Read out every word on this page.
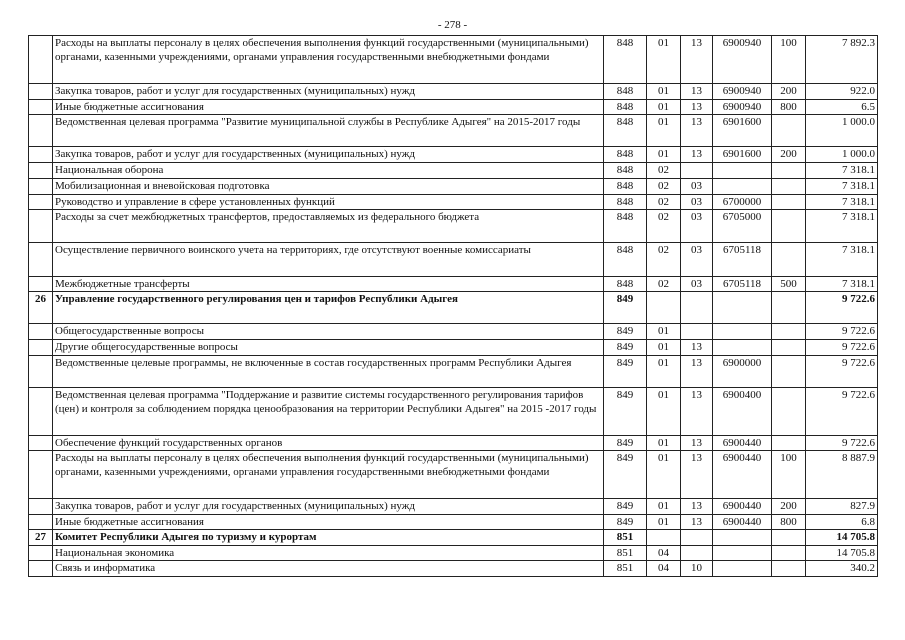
- 278 -
	Расходы на выплаты персоналу в целях обеспечения выполнения функций государственными (муниципальными) органами, казенными учреждениями, органами управления государственными внебюджетными фондами	848	01	13	6900940	100	7 892.3
	Закупка товаров, работ и услуг для государственных (муниципальных) нужд	848	01	13	6900940	200	922.0
	Иные бюджетные ассигнования	848	01	13	6900940	800	6.5
	Ведомственная целевая программа "Развитие муниципальной службы в Республике Адыгея" на 2015-2017 годы	848	01	13	6901600		1 000.0
	Закупка товаров, работ и услуг для государственных (муниципальных) нужд	848	01	13	6901600	200	1 000.0
	Национальная оборона	848	02				7 318.1
	Мобилизационная и вневойсковая подготовка	848	02	03			7 318.1
	Руководство и управление в сфере установленных функций	848	02	03	6700000		7 318.1
	Расходы за счет межбюджетных трансфертов, предоставляемых из федерального бюджета	848	02	03	6705000		7 318.1
	Осуществление первичного воинского учета на территориях, где отсутствуют военные комиссариаты	848	02	03	6705118		7 318.1
	Межбюджетные трансферты	848	02	03	6705118	500	7 318.1
26	Управление государственного регулирования цен и тарифов Республики Адыгея	849					9 722.6
	Общегосударственные вопросы	849	01				9 722.6
	Другие общегосударственные вопросы	849	01	13			9 722.6
	Ведомственные целевые программы, не включенные в состав государственных программ Республики Адыгея	849	01	13	6900000		9 722.6
	Ведомственная целевая программа "Поддержание и развитие системы государственного регулирования тарифов (цен) и контроля за соблюдением порядка ценообразования на территории Республики Адыгея" на 2015 -2017 годы	849	01	13	6900400		9 722.6
	Обеспечение функций государственных органов	849	01	13	6900440		9 722.6
	Расходы на выплаты персоналу в целях обеспечения выполнения функций государственными (муниципальными) органами, казенными учреждениями, органами управления государственными внебюджетными фондами	849	01	13	6900440	100	8 887.9
	Закупка товаров, работ и услуг для государственных (муниципальных) нужд	849	01	13	6900440	200	827.9
	Иные бюджетные ассигнования	849	01	13	6900440	800	6.8
27	Комитет Республики Адыгея по туризму и курортам	851					14 705.8
	Национальная экономика	851	04				14 705.8
	Связь и информатика	851	04	10			340.2
